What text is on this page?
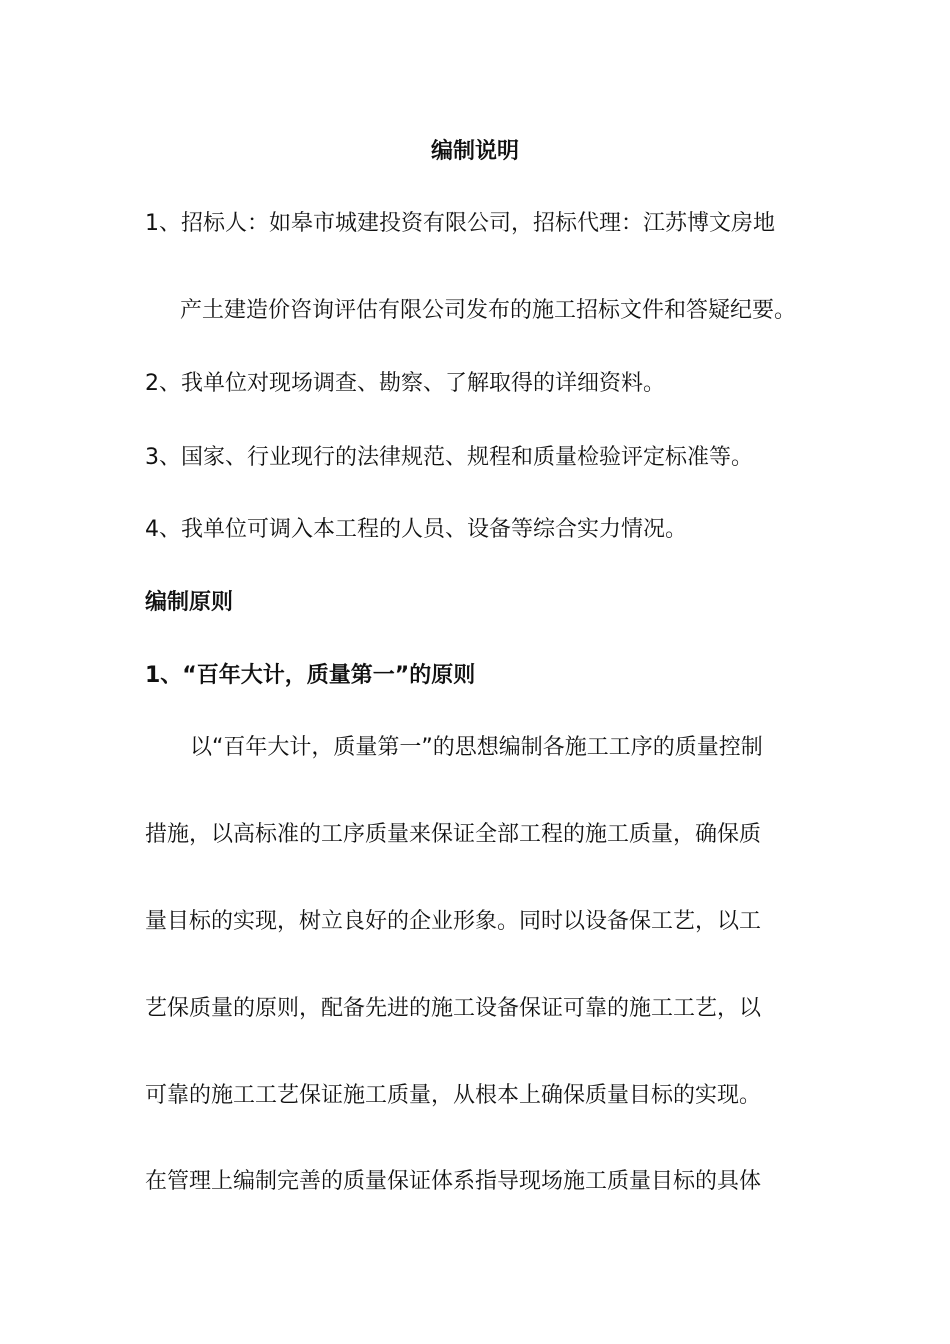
编制说明
1、招标人：如皋市城建投资有限公司，招标代理：江苏博文房地
产土建造价咨询评估有限公司发布的施工招标文件和答疑纪要。
2、我单位对现场调查、勘察、了解取得的详细资料。
3、国家、行业现行的法律规范、规程和质量检验评定标准等。
4、我单位可调入本工程的人员、设备等综合实力情况。
编制原则
1、“百年大计，质量第一”的原则
以“百年大计，质量第一”的思想编制各施工工序的质量控制
措施，以高标准的工序质量来保证全部工程的施工质量，确保质
量目标的实现，树立良好的企业形象。同时以设备保工艺，以工
艺保质量的原则，配备先进的施工设备保证可靠的施工工艺，以
可靠的施工工艺保证施工质量，从根本上确保质量目标的实现。
在管理上编制完善的质量保证体系指导现场施工质量目标的具体
